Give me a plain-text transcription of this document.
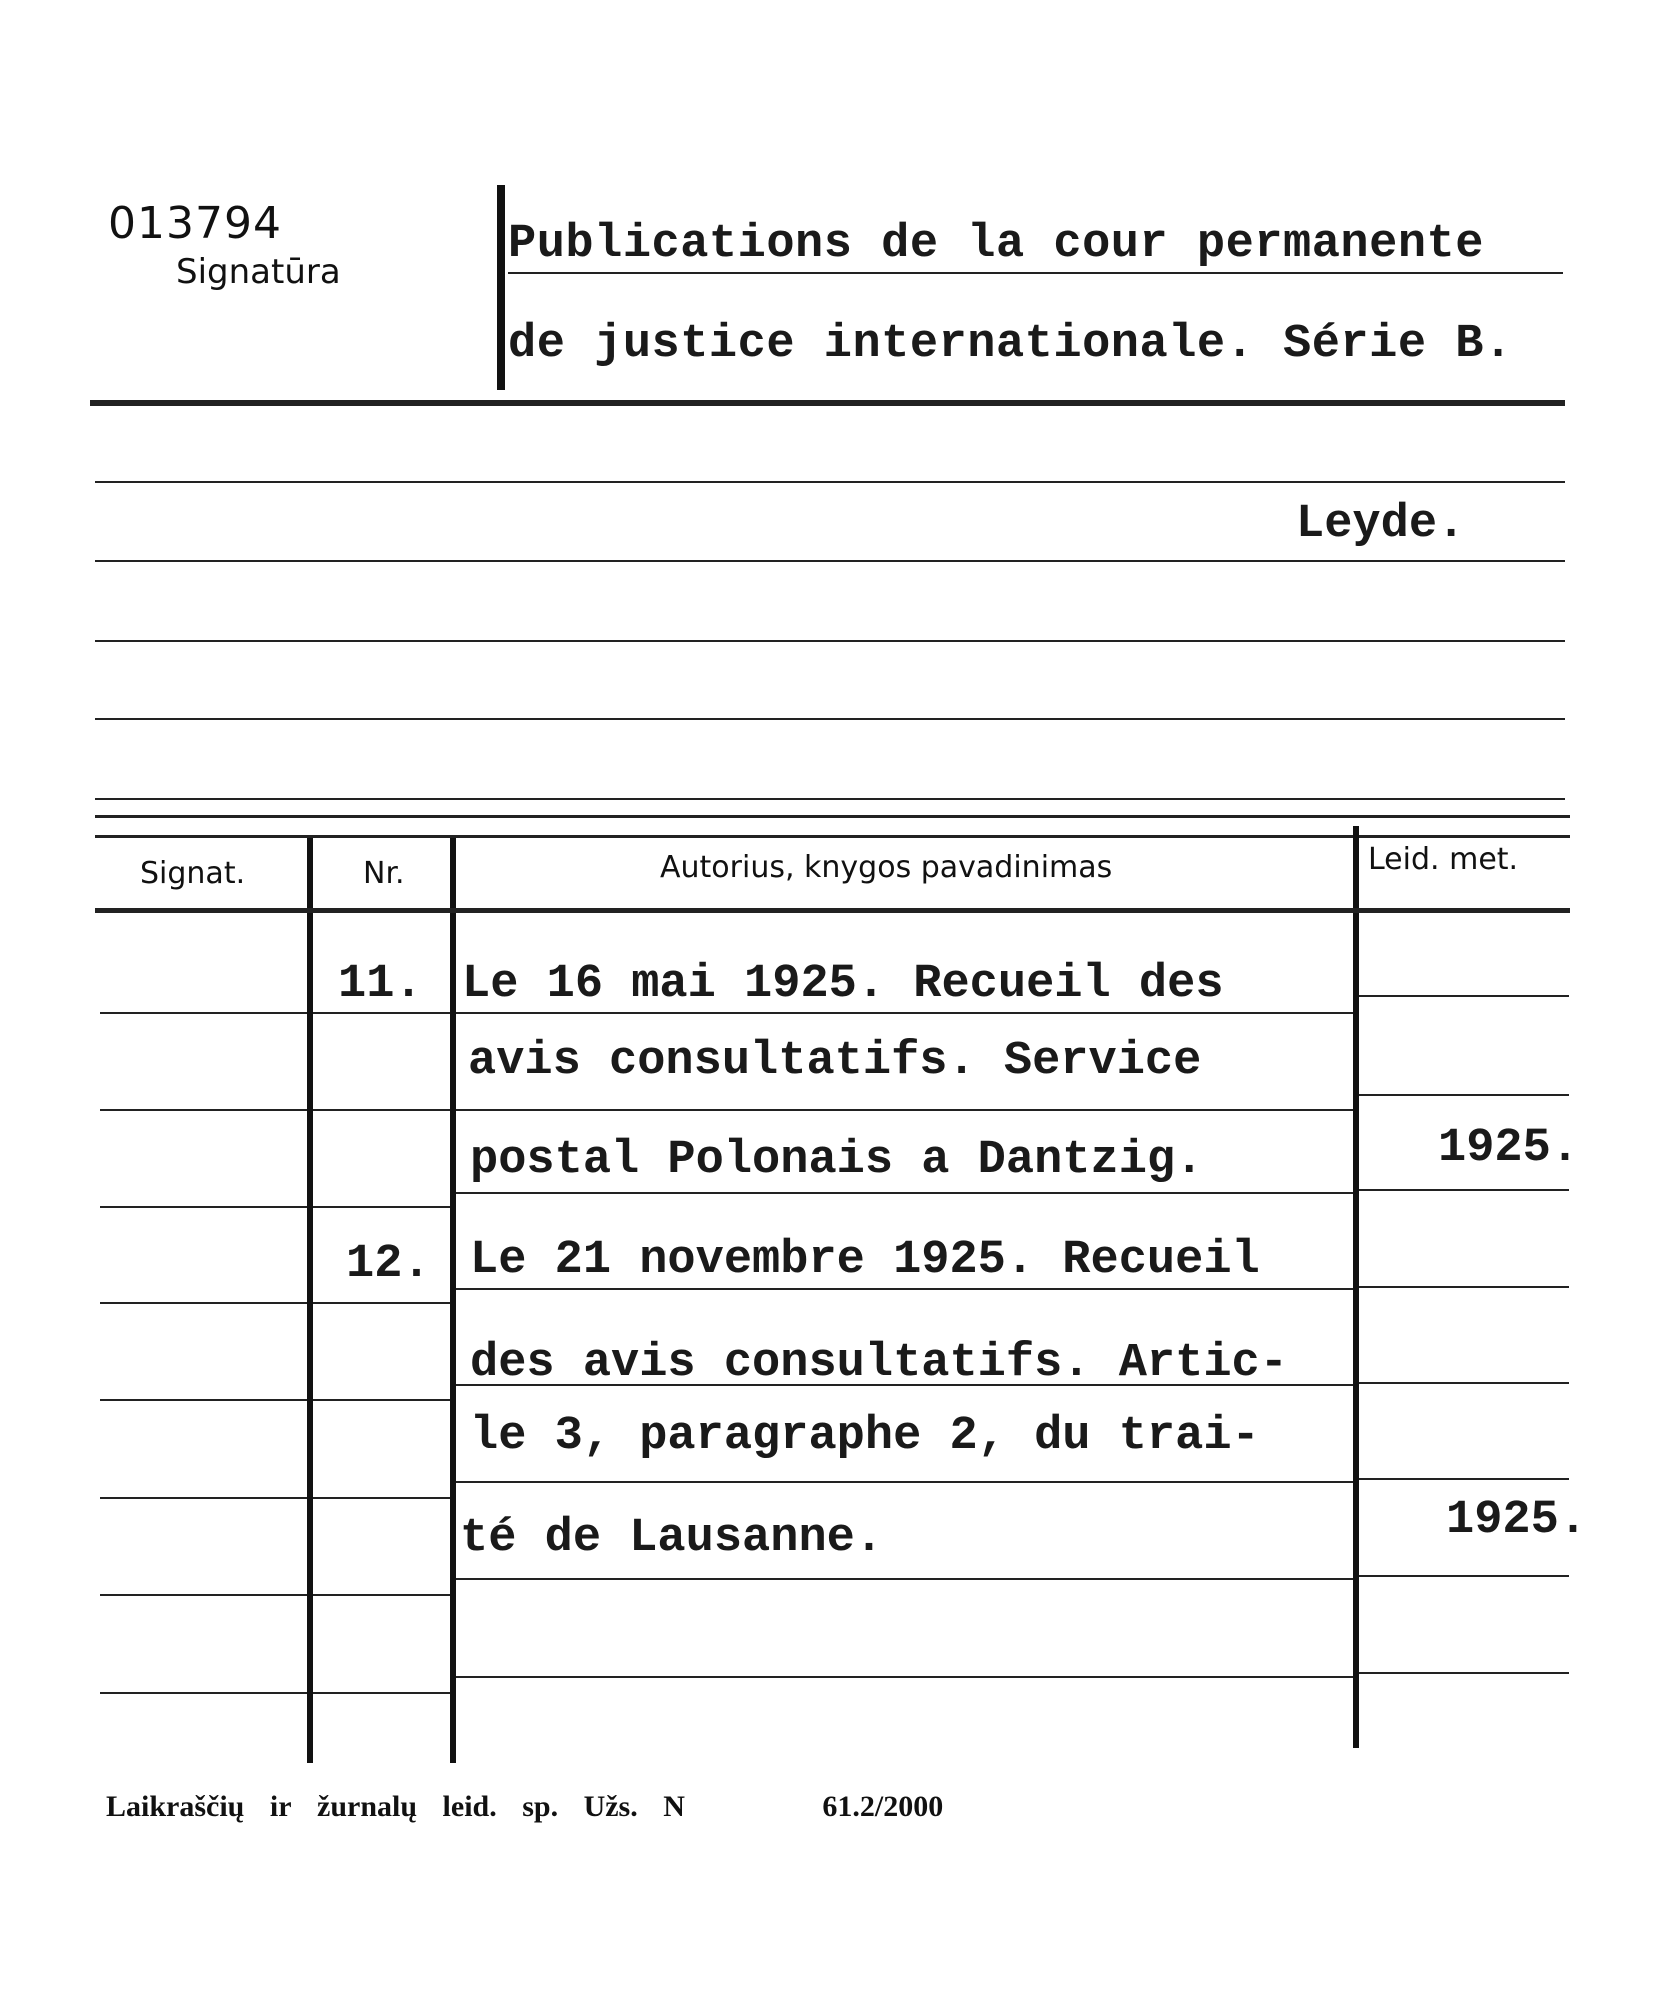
013794
Signatūra
Publications de la cour permanente
de justice internationale. Série B.
Leyde.
Signat.	Nr.	Autorius, knygos pavadinimas	Leid. met.
11. Le 16 mai 1925. Recueil des
avis consultatifs. Service
postal Polonais a Dantzig.	1925.
12. Le 21 novembre 1925. Recueil
des avis consultatifs. Artic-
le 3, paragraphe 2, du trai-
té de Lausanne.	1925.
Laikraščių ir žurnalų leid. sp. Užs. N	61.2/2000
